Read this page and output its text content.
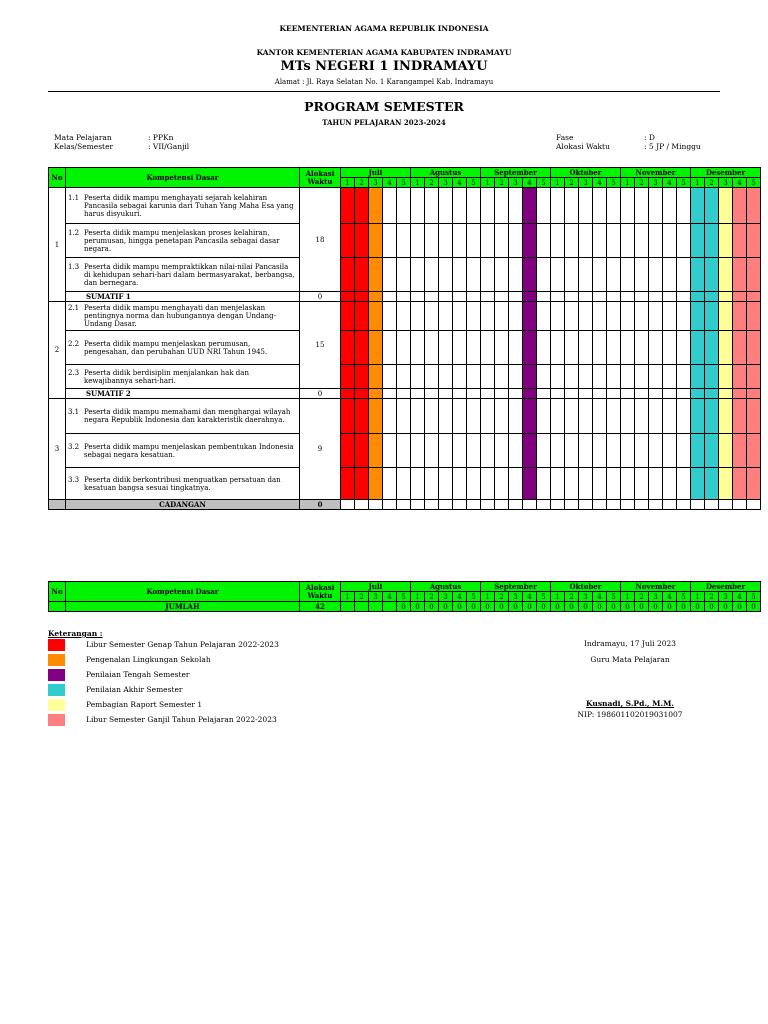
KEEMENTERIAN AGAMA REPUBLIK INDONESIA
KANTOR KEMENTERIAN AGAMA KABUPATEN INDRAMAYU
MTs NEGERI 1 INDRAMAYU
Alamat : Jl. Raya Selatan No. 1 Karangampel Kab. Indramayu
PROGRAM SEMESTER
TAHUN PELAJARAN 2023-2024
Mata Pelajaran	: PPKn
Kelas/Semester	: VII/Ganjil
Fase	: D
Alokasi Waktu	: 5 JP / Minggu
No	Kompetensi Dasar	Alokasi Waktu	Juli					Agustus					September					Oktober					November					Desember				
			1	2	3	4	5	1	2	3	4	5	1	2	3	4	5	1	2	3	4	5	1	2	3	4	5	1	2	3	4	5
1	1.1 Peserta didik mampu menghayati sejarah kelahiran Pancasila sebagai karunia dari Tuhan Yang Maha Esa yang harus disyukuri.	18																														

	1.2 Peserta didik mampu menjelaskan proses kelahiran, perumusan, hingga penetapan Pancasila sebagai dasar negara.																															

	1.3 Peserta didik mampu mempraktikkan nilai-nilai Pancasila di kehidupan sehari-hari dalam bermasyarakat, berbangsa, dan bernegara.																															

	SUMATIF 1	0																														
2	2.1 Peserta didik mampu menghayati dan menjelaskan pentingnya norma dan hubungannya dengan Undang-Undang Dasar.	15																														

	2.2 Peserta didik mampu menjelaskan perumusan, pengesahan, dan perubahan UUD NRI Tahun 1945.																															

	2.3 Peserta didik berdisiplin menjalankan hak dan kewajibannya sehari-hari.																															

	SUMATIF 2	0																														
3	3.1 Peserta didik mampu memahami dan menghargai wilayah negara Republik Indonesia dan karakteristik daerahnya.	9																														

	3.2 Peserta didik mampu menjelaskan pembentukan Indonesia sebagai negara kesatuan.																															

	3.3 Peserta didik berkontribusi menguatkan persatuan dan kesatuan bangsa sesuai tingkatnya.																															

	CADANGAN	0																														
No	Kompetensi Dasar	Alokasi Waktu	Juli					Agustus					September					Oktober					November					Desember				
			1	2	3	4	5	1	2	3	4	5	1	2	3	4	5	1	2	3	4	5	1	2	3	4	5	1	2	3	4	5
	JUMLAH	42					0	0	0	0	0	0	0	0	0	0	0	0	0	0	0	0	0	0	0	0	0	0	0	0	0	0
Keterangan :
Libur Semester Genap Tahun Pelajaran 2022-2023
Pengenalan Lingkungan Sekolah
Penilaian Tengah Semester
Penilaian Akhir Semester
Pembagian Raport Semester 1
Libur Semester Ganjil Tahun Pelajaran 2022-2023
Indramayu, 17 Juli 2023
Guru Mata Pelajaran
Kusnadi, S.Pd., M.M.
NIP: 198601102019031007
